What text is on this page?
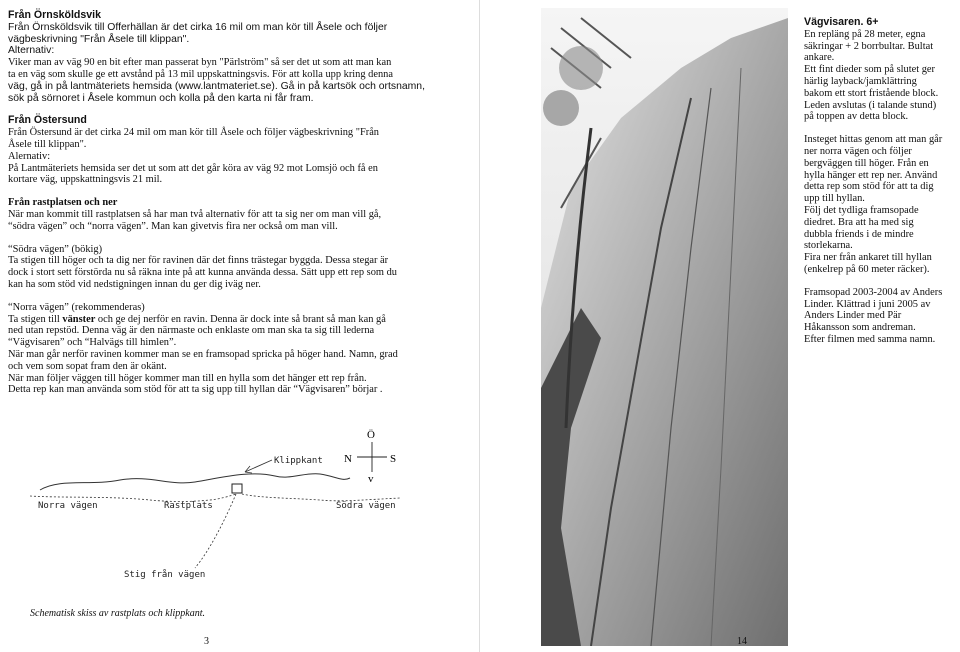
Från Örnsköldsvik

Från Örnsköldsvik till Offerhällan är det cirka 16 mil om man kör till Åsele och följer

vägbeskrivning "Från Åsele till klippan".

Alternativ:

Viker man av väg 90 en bit efter man passerat byn "Pärlström" så ser det ut som att man kan

ta en väg som skulle ge ett avstånd på 13 mil uppskattningsvis. För att kolla upp kring denna

väg, gå in på lantmäteriets hemsida (www.lantmateriet.se). Gå in på kartsök och ortsnamn,

sök på sörnoret i Åsele kommun och kolla på den karta ni får fram.

Från Östersund

Från Östersund är det cirka 24 mil om man kör till Åsele och följer vägbeskrivning "Från

Åsele till klippan".

Alernativ:

På Lantmäteriets hemsida ser det ut som att det går köra av väg 92 mot Lomsjö och få en

kortare väg, uppskattningsvis 21 mil.

Från rastplatsen och ner

När man kommit till rastplatsen så har man två alternativ för att ta sig ner om man vill gå,

“södra vägen” och “norra vägen”. Man kan givetvis fira ner också om man vill.

“Södra vägen” (bökig)

Ta stigen till höger och ta dig ner för ravinen där det finns trästegar byggda. Dessa stegar är

dock i stort sett förstörda nu så räkna inte på att kunna använda dessa. Sätt upp ett rep som du

kan ha som stöd vid nedstigningen innan du ger dig iväg ner.

“Norra vägen” (rekommenderas)

Ta stigen till vänster och ge dej nerför en ravin. Denna är dock inte så brant så man kan gå

ned utan repstöd. Denna väg är den närmaste och enklaste om man ska ta sig till lederna

“Vägvisaren” och “Halvägs till himlen”.

När man går nerför ravinen kommer man se en framsopad spricka på höger hand. Namn, grad

och vem som sopat fram den är okänt.

När man följer väggen till höger kommer man till en hylla som det hänger ett rep från.

Detta rep kan man använda som stöd för att ta sig upp till hyllan där “Vägvisaren” börjar .

Klippkant
Norra vägen	Rastplats	Södra vägen
Stig från vägen
Ö
N	S
v
Schematisk skiss av rastplats och klippkant.
3

Vägvisaren. 6+

En repläng på 28 meter, egna

säkringar + 2 borrbultar. Bultat

ankare.

Ett fint dieder som på slutet ger

härlig layback/jamklättring

bakom ett stort fristående block.

Leden avslutas (i talande stund)

på toppen av detta block.

Insteget hittas genom att man går

ner norra vägen och följer

bergväggen till höger. Från en

hylla hänger ett rep ner. Använd

detta rep som stöd för att ta dig

upp till hyllan.

Följ det tydliga framsopade

diedret. Bra att ha med sig

dubbla friends i de mindre

storlekarna.

Fira ner från ankaret till hyllan

(enkelrep på 60 meter räcker).

Framsopad 2003-2004 av Anders

Linder. Klättrad i juni 2005 av

Anders Linder med Pär

Håkansson som andreman.

Efter filmen med samma namn.

14
